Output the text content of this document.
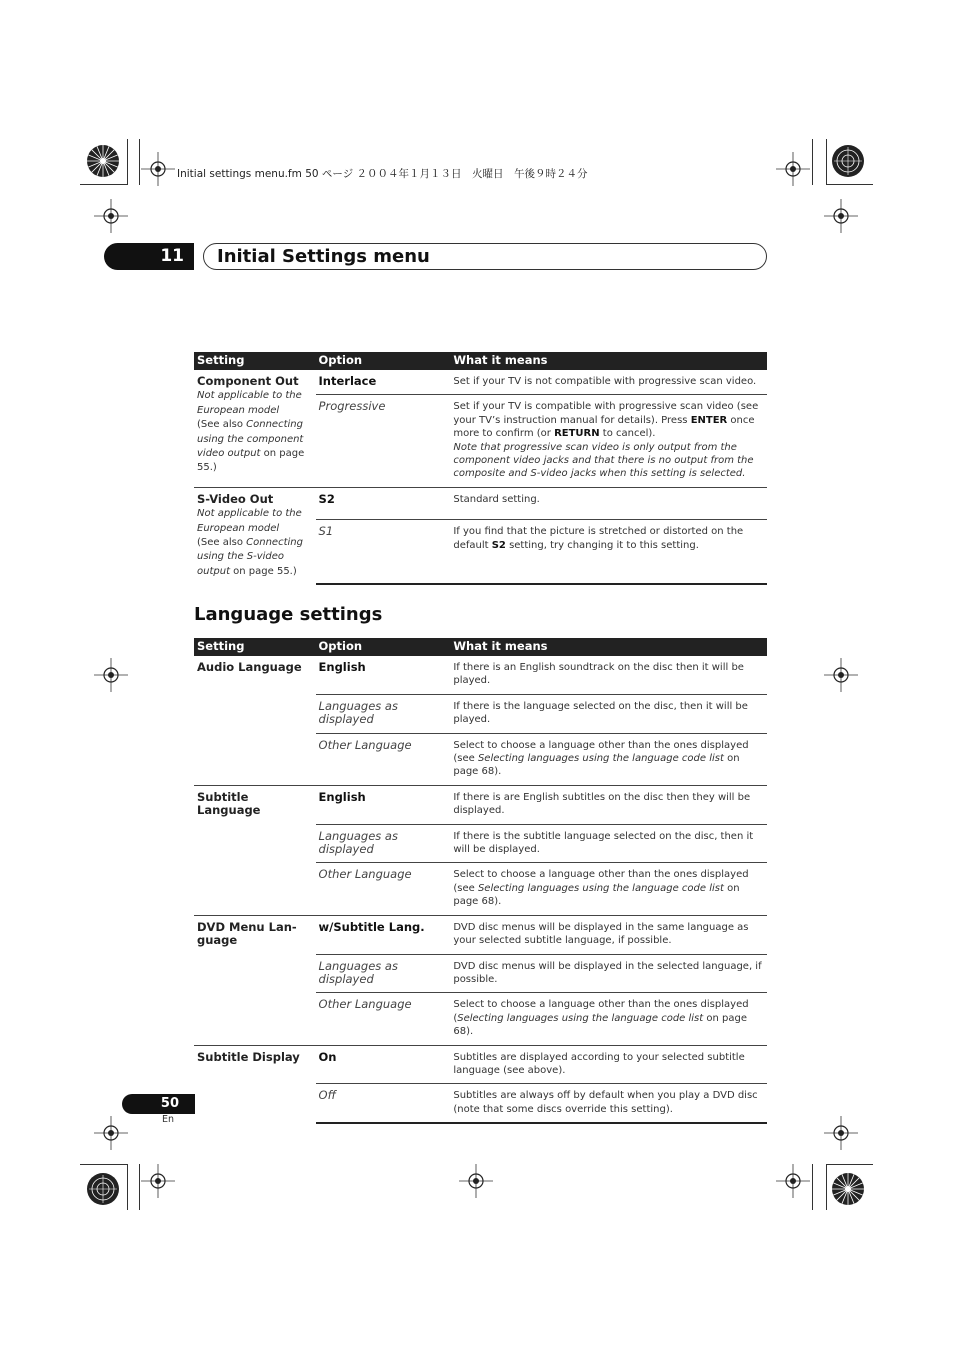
Initial settings menu.fm 50 ページ ２００４年１月１３日　火曜日　午後９時２４分
11	Initial Settings menu
Setting	Option	What it means

Component Out
Not applicable to the European model
(See also Connecting using the component video output on page 55.)	Interlace	Set if your TV is not compatible with progressive scan video.
	Progressive	Set if your TV is compatible with progressive scan video (see your TV’s instruction manual for details). Press ENTER once more to confirm (or RETURN to cancel).
Note that progressive scan video is only output from the component video jacks and that there is no output from the composite and S-video jacks when this setting is selected.

S-Video Out
Not applicable to the European model
(See also Connecting using the S-video output on page 55.)	S2	Standard setting.
	S1	If you find that the picture is stretched or distorted on the default S2 setting, try changing it to this setting.
Language settings
Setting	Option	What it means

Audio Language	English	If there is an English soundtrack on the disc then it will be played.
	Languages as displayed	If there is the language selected on the disc, then it will be played.
	Other Language	Select to choose a language other than the ones displayed (see Selecting languages using the language code list on page 68).

Subtitle Language	English	If there is are English subtitles on the disc then they will be displayed.
	Languages as displayed	If there is the subtitle language selected on the disc, then it will be displayed.
	Other Language	Select to choose a language other than the ones displayed (see Selecting languages using the language code list on page 68).

DVD Menu Lan-guage	w/Subtitle Lang.	DVD disc menus will be displayed in the same language as your selected subtitle language, if possible.
	Languages as displayed	DVD disc menus will be displayed in the selected language, if possible.
	Other Language	Select to choose a language other than the ones displayed (Selecting languages using the language code list on page 68).

Subtitle Display	On	Subtitles are displayed according to your selected subtitle language (see above).
	Off	Subtitles are always off by default when you play a DVD disc (note that some discs override this setting).
50
En
